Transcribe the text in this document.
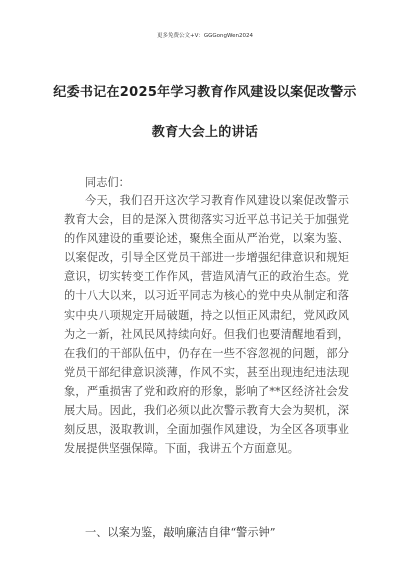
更多免费公文+V：GGGongWen2024
纪委书记在2025年学习教育作风建设以案促改警示
教育大会上的讲话
同志们：
今天，我们召开这次学习教育作风建设以案促改警示
教育大会，目的是深入贯彻落实习近平总书记关于加强党
的作风建设的重要论述，聚焦全面从严治党，以案为鉴、
以案促改，引导全区党员干部进一步增强纪律意识和规矩
意识，切实转变工作作风，营造风清气正的政治生态。党
的十八大以来，以习近平同志为核心的党中央从制定和落
实中央八项规定开局破题，持之以恒正风肃纪，党风政风
为之一新，社风民风持续向好。但我们也要清醒地看到，
在我们的干部队伍中，仍存在一些不容忽视的问题，部分
党员干部纪律意识淡薄，作风不实，甚至出现违纪违法现
象，严重损害了党和政府的形象，影响了**区经济社会发
展大局。因此，我们必须以此次警示教育大会为契机，深
刻反思，汲取教训，全面加强作风建设，为全区各项事业
发展提供坚强保障。下面，我讲五个方面意见。
一、以案为鉴，敲响廉洁自律“警示钟”
